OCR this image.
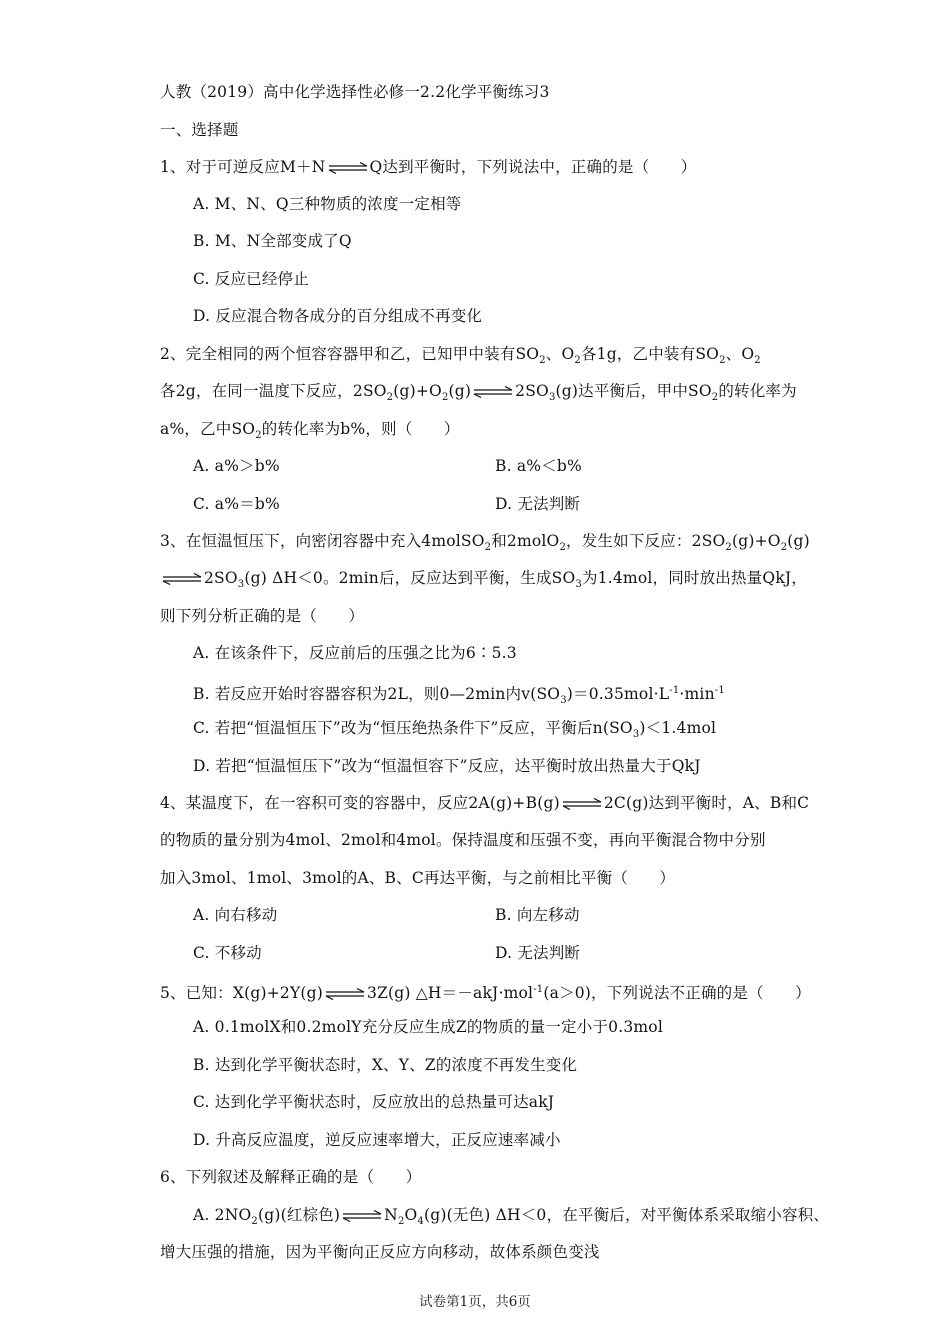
人教（2019）高中化学选择性必修一2.2化学平衡练习3
一、选择题
1、对于可逆反应M＋N	Q达到平衡时，下列说法中，正确的是（　　）
A. M、N、Q三种物质的浓度一定相等
B. M、N全部变成了Q
C. 反应已经停止
D. 反应混合物各成分的百分组成不再变化
2、完全相同的两个恒容容器甲和乙，已知甲中装有$SO_2$、$O_2$各1g，乙中装有$SO_2$、$O_2$
各2g，在同一温度下反应，$2SO_2(g)+O_2(g)$	$2SO_3(g)$达平衡后，甲中$SO_2$的转化率为
a%，乙中$SO_2$的转化率为b%，则（　　）
A. a%＞b%	B. a%＜b%
C. a%＝b%	D. 无法判断
3、在恒温恒压下，向密闭容器中充入4molSO$_2$和2molO$_2$，发生如下反应：$2SO_2(g)+O_2(g)$
$2SO_3(g)$ ΔH＜0。2min后，反应达到平衡，生成$SO_3$为1.4mol，同时放出热量QkJ，
则下列分析正确的是（　　）
A. 在该条件下，反应前后的压强之比为6∶5.3
B. 若反应开始时容器容积为2L，则0—2min内$v(SO_3)=0.35mol\cdot L^{-1}\cdot\min^{-1}$
C. 若把“恒温恒压下”改为“恒压绝热条件下”反应，平衡后$n(SO_3)<1.4mol$
D. 若把“恒温恒压下”改为“恒温恒容下”反应，达平衡时放出热量大于QkJ
4、某温度下，在一容积可变的容器中，反应2A(g)+B(g)	2C(g)达到平衡时，A、B和C
的物质的量分别为4mol、2mol和4mol。保持温度和压强不变，再向平衡混合物中分别
加入3mol、1mol、3mol的A、B、C再达平衡，与之前相比平衡（　　）
A. 向右移动	B. 向左移动
C. 不移动	D. 无法判断
5、已知：X(g)+2Y(g)	3Z(g) △H＝－akJ·mol$^{-1}$(a＞0)，下列说法不正确的是（　　）
A. 0.1molX和0.2molY充分反应生成Z的物质的量一定小于0.3mol
B. 达到化学平衡状态时，X、Y、Z的浓度不再发生变化
C. 达到化学平衡状态时，反应放出的总热量可达akJ
D. 升高反应温度，逆反应速率增大，正反应速率减小
6、下列叙述及解释正确的是（　　）
A. $2NO_2(g)$(红棕色)	$N_2O_4(g)$(无色) ΔH＜0，在平衡后，对平衡体系采取缩小容积、
增大压强的措施，因为平衡向正反应方向移动，故体系颜色变浅
试卷第1页，共6页
